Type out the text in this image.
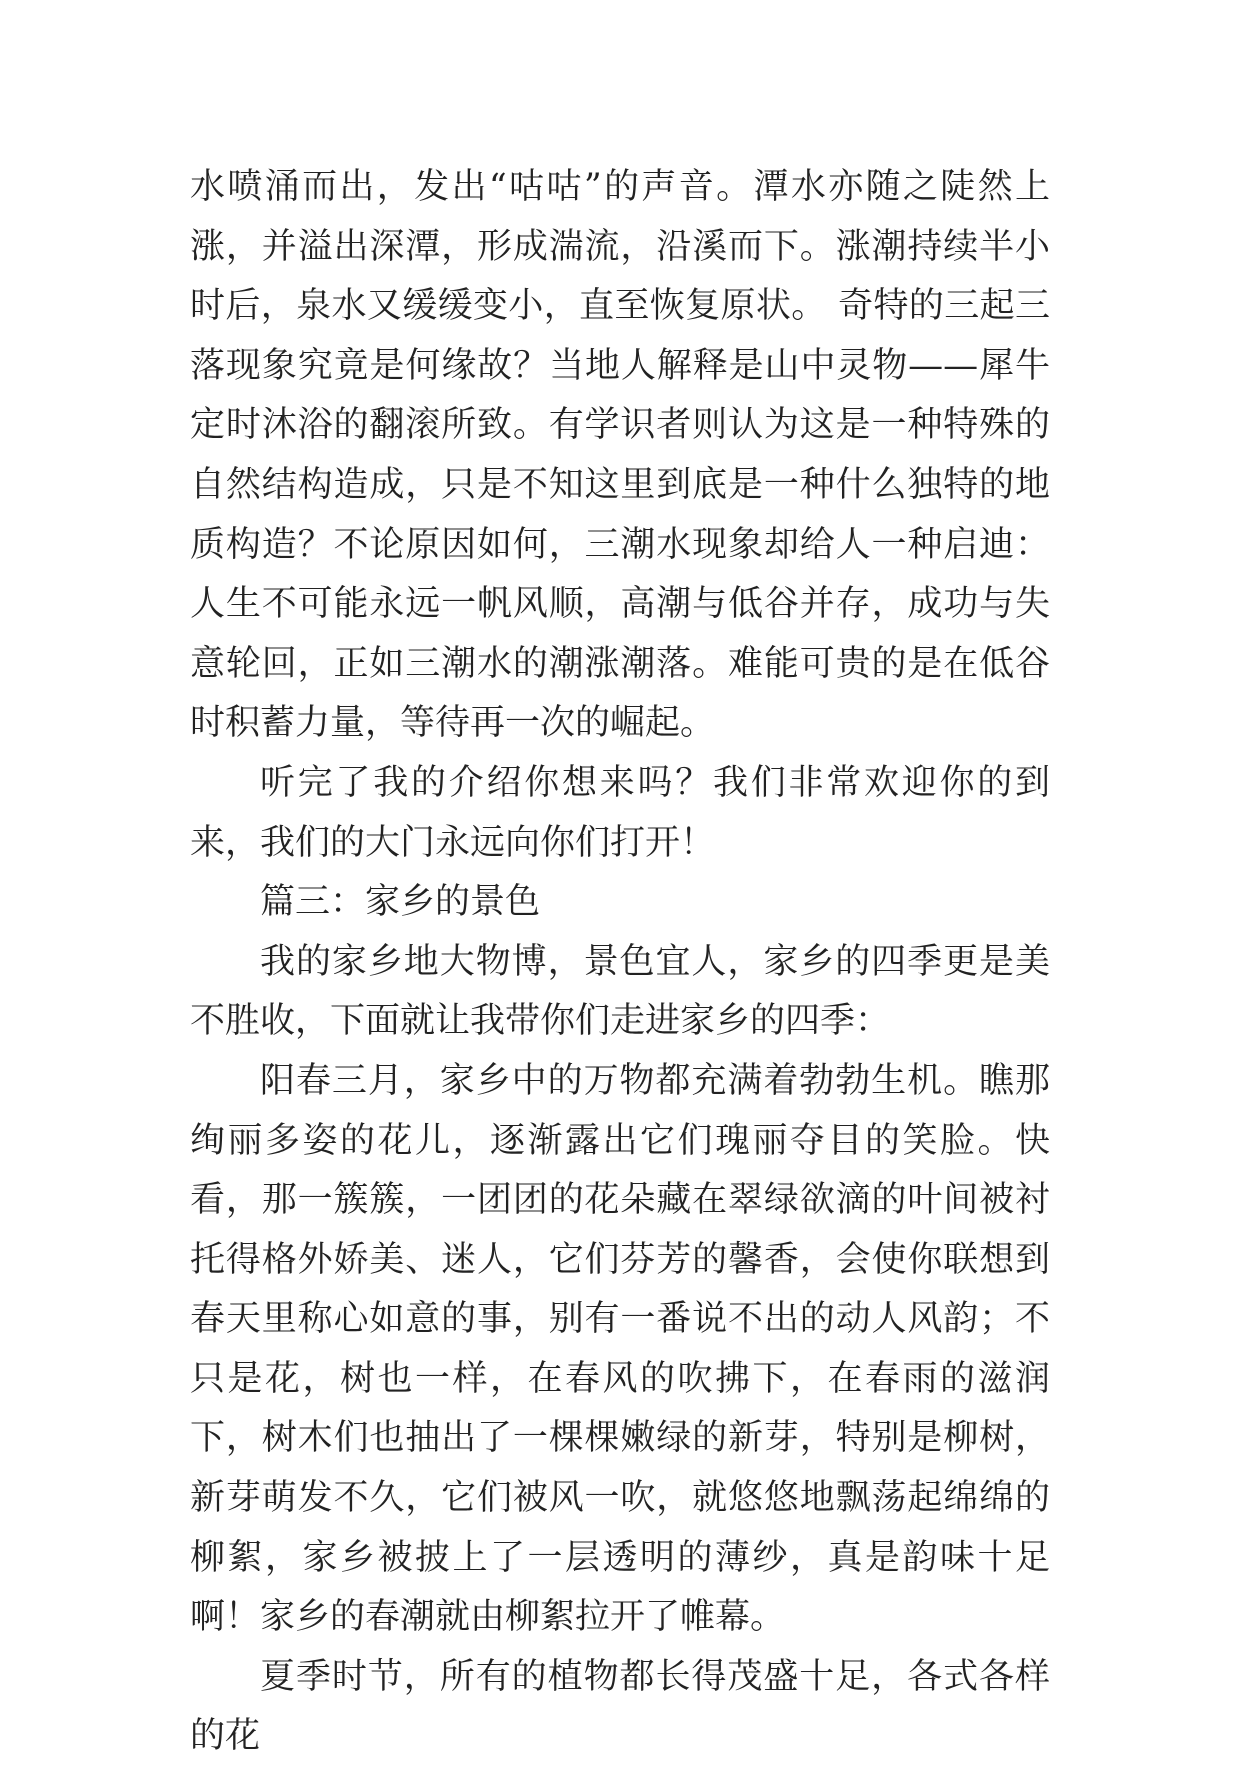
水喷涌而出，发出“咕咕”的声音。潭水亦随之陡然上涨，并溢出深潭，形成湍流，沿溪而下。涨潮持续半小时后，泉水又缓缓变小，直至恢复原状。 奇特的三起三落现象究竟是何缘故？当地人解释是山中灵物——犀牛定时沐浴的翻滚所致。有学识者则认为这是一种特殊的自然结构造成，只是不知这里到底是一种什么独特的地质构造？不论原因如何，三潮水现象却给人一种启迪：人生不可能永远一帆风顺，高潮与低谷并存，成功与失意轮回，正如三潮水的潮涨潮落。难能可贵的是在低谷时积蓄力量，等待再一次的崛起。

听完了我的介绍你想来吗？我们非常欢迎你的到来，我们的大门永远向你们打开！

篇三：家乡的景色

我的家乡地大物博，景色宜人，家乡的四季更是美不胜收，下面就让我带你们走进家乡的四季：

阳春三月，家乡中的万物都充满着勃勃生机。瞧那绚丽多姿的花儿，逐渐露出它们瑰丽夺目的笑脸。快看，那一簇簇，一团团的花朵藏在翠绿欲滴的叶间被衬托得格外娇美、迷人，它们芬芳的馨香，会使你联想到春天里称心如意的事，别有一番说不出的动人风韵；不只是花，树也一样，在春风的吹拂下，在春雨的滋润下，树木们也抽出了一棵棵嫩绿的新芽，特别是柳树，新芽萌发不久，它们被风一吹，就悠悠地飘荡起绵绵的柳絮，家乡被披上了一层透明的薄纱，真是韵味十足啊！家乡的春潮就由柳絮拉开了帷幕。

夏季时节，所有的植物都长得茂盛十足，各式各样的花
